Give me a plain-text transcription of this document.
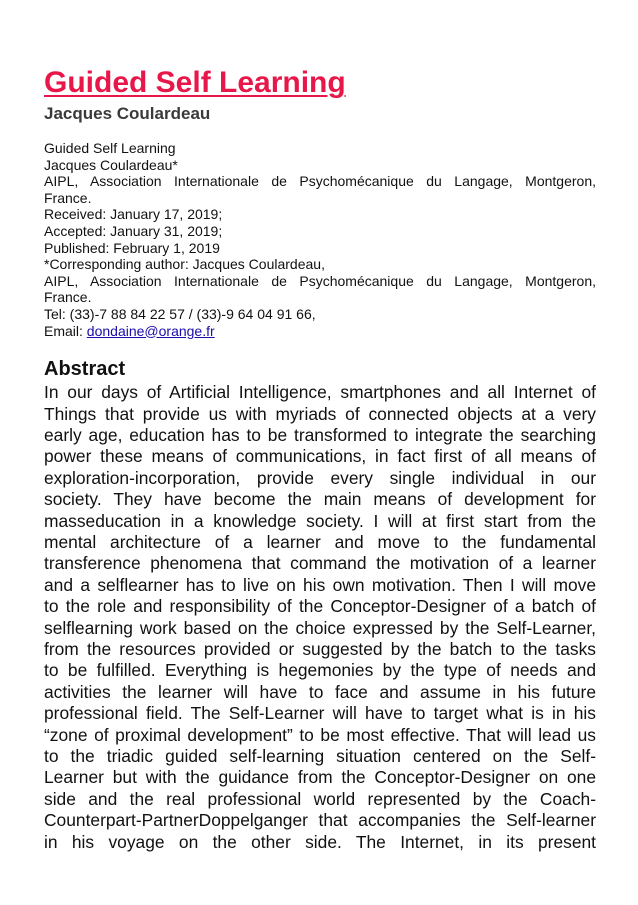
Guided Self Learning
Jacques Coulardeau
Guided Self Learning
Jacques Coulardeau*
AIPL, Association Internationale de Psychomécanique du Langage, Montgeron,
France.
Received: January 17, 2019;
Accepted: January 31, 2019;
Published: February 1, 2019
*Corresponding author: Jacques Coulardeau,
AIPL, Association Internationale de Psychomécanique du Langage, Montgeron,
France.
Tel: (33)-7 88 84 22 57 / (33)-9 64 04 91 66,
Email: dondaine@orange.fr
Abstract
In our days of Artificial Intelligence, smartphones and all Internet of
Things that provide us with myriads of connected objects at a very
early age, education has to be transformed to integrate the searching
power these means of communications, in fact first of all means of
exploration-incorporation, provide every single individual in our
society. They have become the main means of development for
masseducation in a knowledge society. I will at first start from the
mental architecture of a learner and move to the fundamental
transference phenomena that command the motivation of a learner
and a selflearner has to live on his own motivation. Then I will move
to the role and responsibility of the Conceptor-Designer of a batch of
selflearning work based on the choice expressed by the Self-Learner,
from the resources provided or suggested by the batch to the tasks
to be fulfilled. Everything is hegemonies by the type of needs and
activities the learner will have to face and assume in his future
professional field. The Self-Learner will have to target what is in his
“zone of proximal development” to be most effective. That will lead us
to the triadic guided self-learning situation centered on the Self-
Learner but with the guidance from the Conceptor-Designer on one
side and the real professional world represented by the Coach-
Counterpart-PartnerDoppelganger that accompanies the Self-learner
in his voyage on the other side. The Internet, in its present
